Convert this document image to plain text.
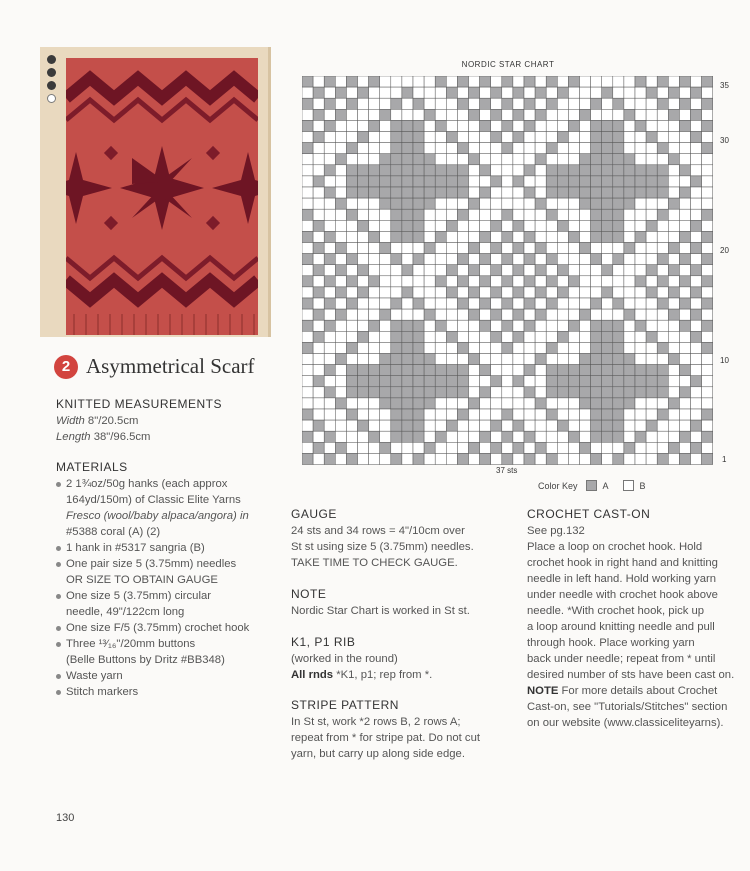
2 Asymmetrical Scarf
KNITTED MEASUREMENTS
Width 8"/20.5cm
Length 38"/96.5cm
MATERIALS
2 1¾oz/50g hanks (each approx
164yd/150m) of Classic Elite Yarns
Fresco (wool/baby alpaca/angora) in
#5388 coral (A) (2)
1 hank in #5317 sangria (B)
One pair size 5 (3.75mm) needles
OR SIZE TO OBTAIN GAUGE
One size 5 (3.75mm) circular
needle, 49"/122cm long
One size F/5 (3.75mm) crochet hook
Three ¹³⁄₁₆"/20mm buttons
(Belle Buttons by Dritz #BB348)
Waste yarn
Stitch markers
NORDIC STAR CHART
35
30
20
10
1
37 sts
Color Key	A	B
GAUGE
24 sts and 34 rows = 4"/10cm over
St st using size 5 (3.75mm) needles.
TAKE TIME TO CHECK GAUGE.
NOTE
Nordic Star Chart is worked in St st.
K1, P1 RIB
(worked in the round)
All rnds *K1, p1; rep from *.
STRIPE PATTERN
In St st, work *2 rows B, 2 rows A;
repeat from * for stripe pat. Do not cut
yarn, but carry up along side edge.
CROCHET CAST-ON
See pg.132
Place a loop on crochet hook. Hold
crochet hook in right hand and knitting
needle in left hand. Hold working yarn
under needle with crochet hook above
needle. *With crochet hook, pick up
a loop around knitting needle and pull
through hook. Place working yarn
back under needle; repeat from * until
desired number of sts have been cast on.
NOTE For more details about Crochet
Cast-on, see "Tutorials/Stitches" section
on our website (www.classiceliteyarns).
130
